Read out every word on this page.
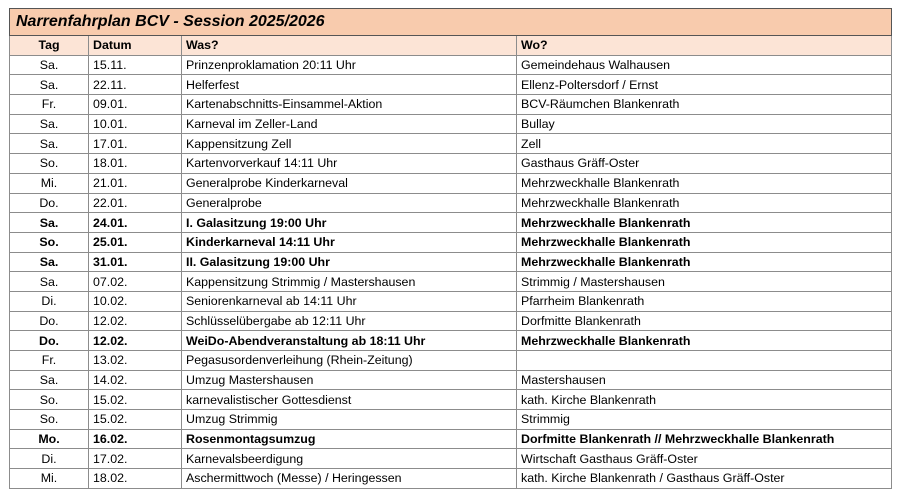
Narrenfahrplan BCV - Session 2025/2026			
Tag	Datum	Was?	Wo?
Sa.	15.11.	Prinzenproklamation 20:11 Uhr	Gemeindehaus Walhausen
Sa.	22.11.	Helferfest	Ellenz-Poltersdorf / Ernst
Fr.	09.01.	Kartenabschnitts-Einsammel-Aktion	BCV-Räumchen Blankenrath
Sa.	10.01.	Karneval im Zeller-Land	Bullay
Sa.	17.01.	Kappensitzung Zell	Zell
So.	18.01.	Kartenvorverkauf 14:11 Uhr	Gasthaus Gräff-Oster
Mi.	21.01.	Generalprobe Kinderkarneval	Mehrzweckhalle Blankenrath
Do.	22.01.	Generalprobe	Mehrzweckhalle Blankenrath
Sa.	24.01.	I. Galasitzung 19:00 Uhr	Mehrzweckhalle Blankenrath
So.	25.01.	Kinderkarneval 14:11 Uhr	Mehrzweckhalle Blankenrath
Sa.	31.01.	II. Galasitzung 19:00 Uhr	Mehrzweckhalle Blankenrath
Sa.	07.02.	Kappensitzung Strimmig / Mastershausen	Strimmig / Mastershausen
Di.	10.02.	Seniorenkarneval ab 14:11 Uhr	Pfarrheim Blankenrath
Do.	12.02.	Schlüsselübergabe ab 12:11 Uhr	Dorfmitte Blankenrath
Do.	12.02.	WeiDo-Abendveranstaltung ab 18:11 Uhr	Mehrzweckhalle Blankenrath
Fr.	13.02.	Pegasusordenverleihung (Rhein-Zeitung)	
Sa.	14.02.	Umzug Mastershausen	Mastershausen
So.	15.02.	karnevalistischer Gottesdienst	kath. Kirche Blankenrath
So.	15.02.	Umzug Strimmig	Strimmig
Mo.	16.02.	Rosenmontagsumzug	Dorfmitte Blankenrath // Mehrzweckhalle Blankenrath
Di.	17.02.	Karnevalsbeerdigung	Wirtschaft Gasthaus Gräff-Oster
Mi.	18.02.	Aschermittwoch (Messe) / Heringessen	kath. Kirche Blankenrath / Gasthaus Gräff-Oster
